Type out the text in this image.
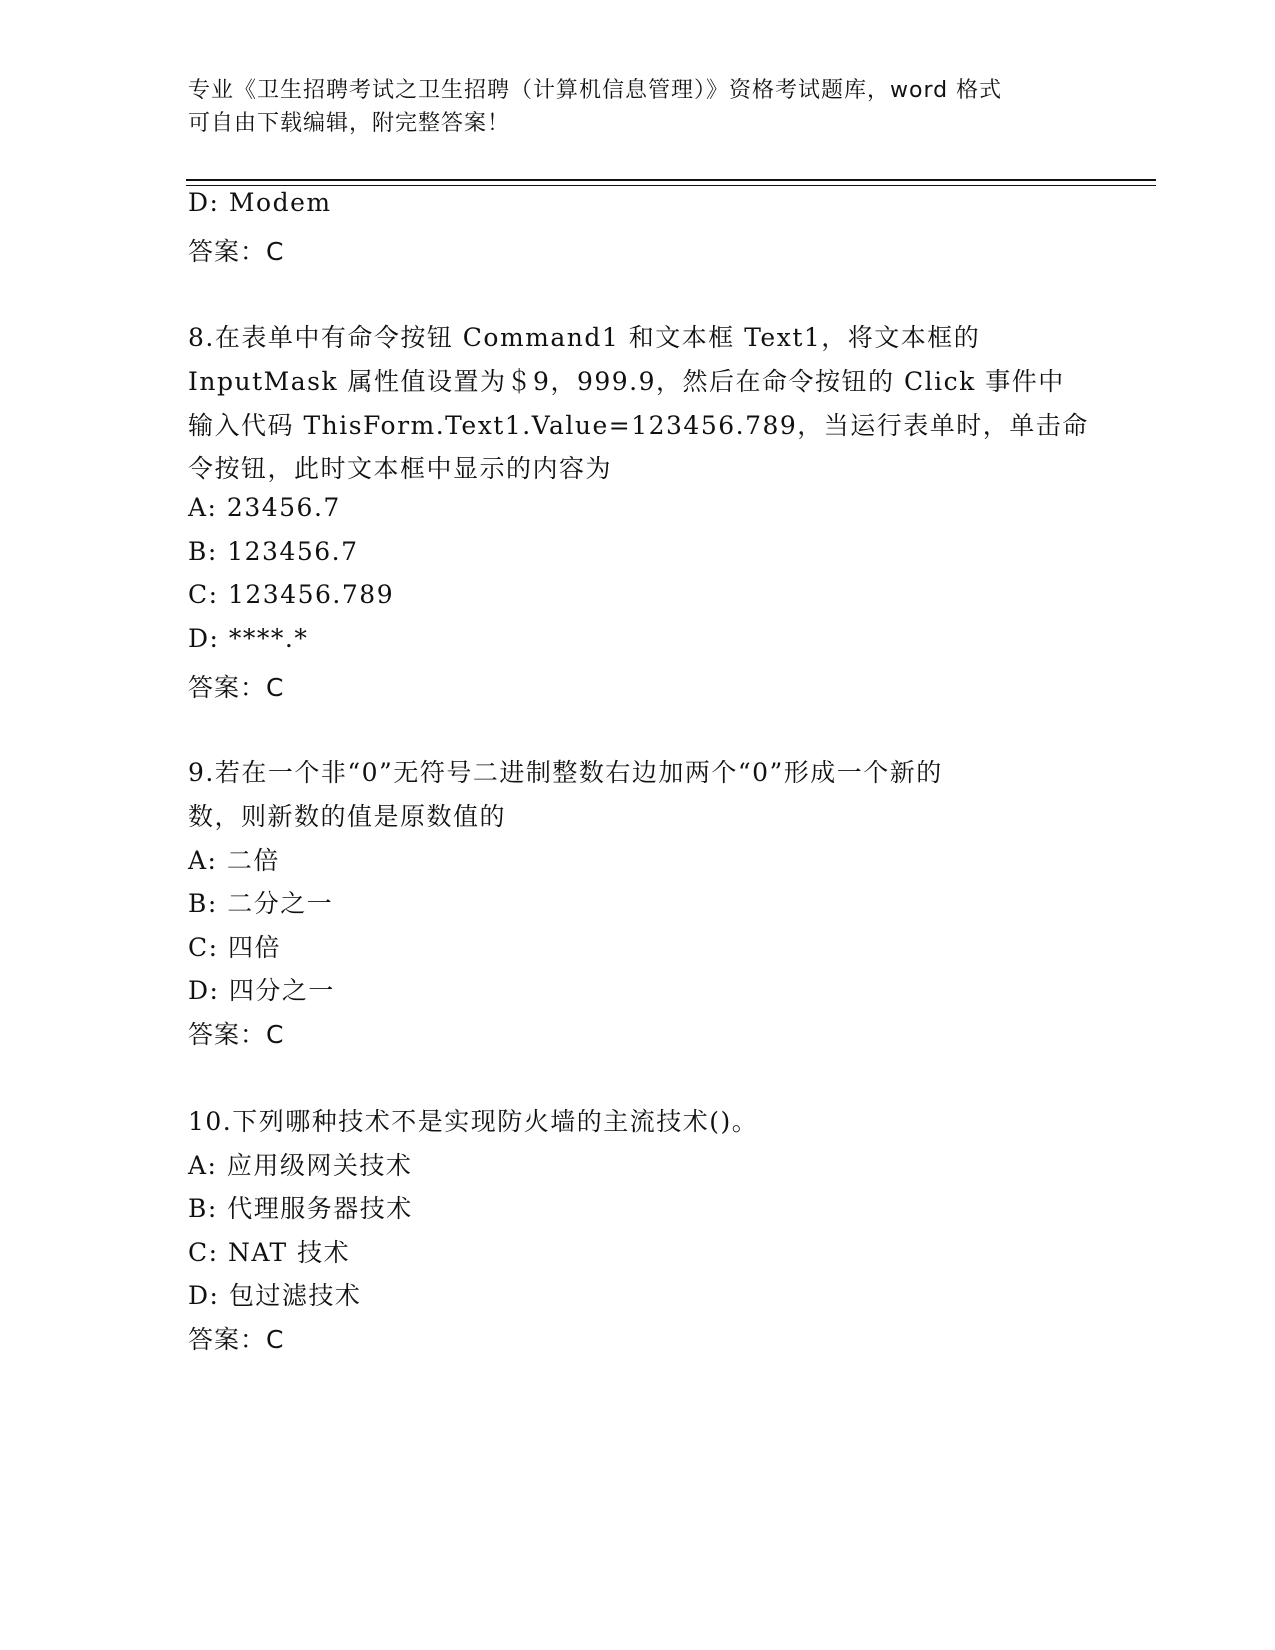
专业《卫生招聘考试之卫生招聘（计算机信息管理）》资格考试题库，word 格式
可自由下载编辑，附完整答案！
D: Modem
答案：C
8.在表单中有命令按钮 Command1 和文本框 Text1，将文本框的
InputMask 属性值设置为＄9，999.9，然后在命令按钮的 Click 事件中
输入代码 ThisForm.Text1.Value=123456.789，当运行表单时，单击命
令按钮，此时文本框中显示的内容为
A: 23456.7
B: 123456.7
C: 123456.789
D: ****.*
答案：C
9.若在一个非“0”无符号二进制整数右边加两个“0”形成一个新的
数，则新数的值是原数值的
A: 二倍
B: 二分之一
C: 四倍
D: 四分之一
答案：C
10.下列哪种技术不是实现防火墙的主流技术()。
A: 应用级网关技术
B: 代理服务器技术
C: NAT 技术
D: 包过滤技术
答案：C
